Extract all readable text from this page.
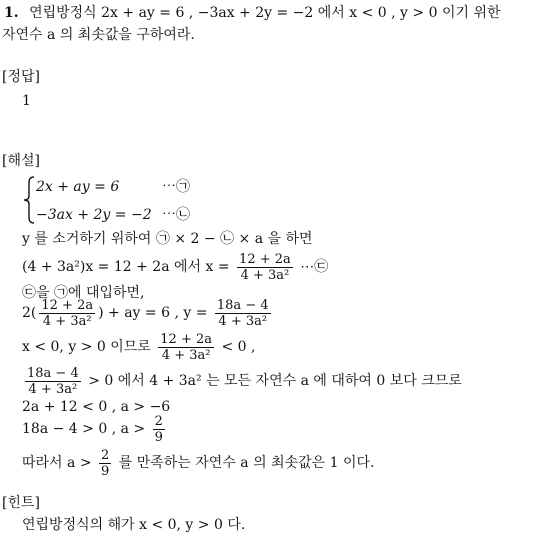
1. 연립방정식 2x + ay = 6 , −3ax + 2y = −2 에서 x < 0 , y > 0 이기 위한
자연수 a 의 최솟값을 구하여라.
[정답]
1
[해설]
2x + ay = 6	⋯㉠
−3ax + 2y = −2 ⋯㉡
y 를 소거하기 위하여 ㉠ × 2 − ㉡ × a 을 하면
(4 + 3a²)x = 12 + 2a 에서 $x = \frac{12 + 2a}{\text{4 + 3a²}}$ ⋯㉢
㉢을 ㉠에 대입하면,
$2( \frac{12 + 2a}{\text{4 + 3a²}}$ ) + ay = 6 , $y = \frac{18a - 4}{\text{4 + 3a²}}$
x < 0, y > 0 이므로 $\frac{12 + 2a}{\text{4 + 3a²}} < 0$ ,
$\frac{18a - 4}{\text{4 + 3a²}} > 0$ 에서 4 + 3a² 는 모든 자연수 a 에 대하여 0 보다 크므로
2a + 12 < 0 , a > −6
18a − 4 > 0 , $a > \frac{2}{9}$
따라서 $a > \frac{2}{9}$ 를 만족하는 자연수 a 의 최솟값은 1 이다.
[힌트]
연립방정식의 해가 x < 0, y > 0 다.
